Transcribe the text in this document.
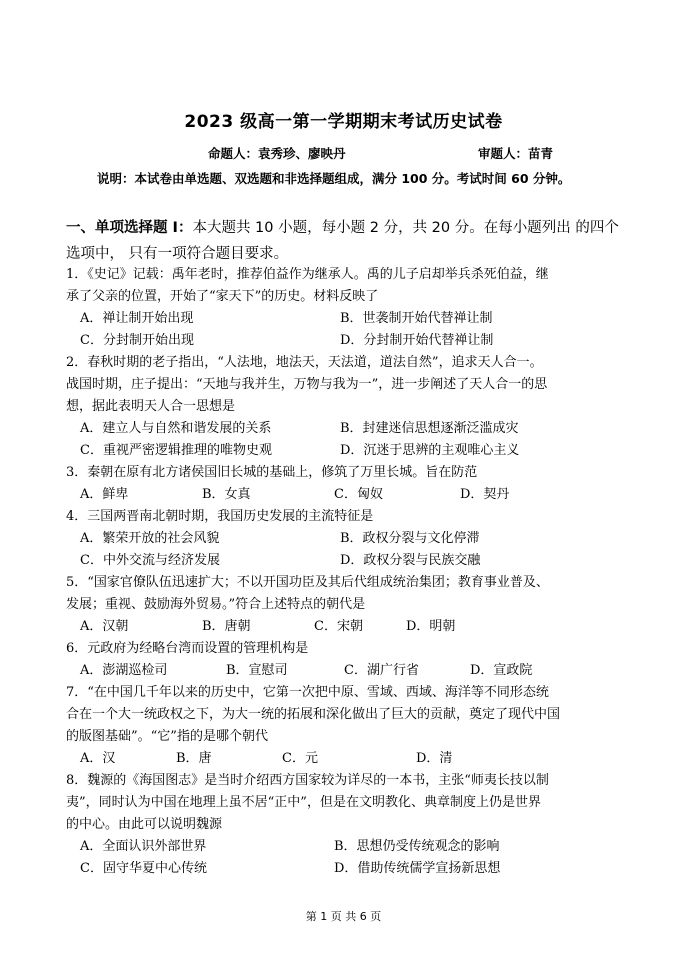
2023 级高一第一学期期末考试历史试卷
命题人：袁秀珍、廖映丹	审题人：苗青
说明：本试卷由单选题、双选题和非选择题组成，满分 100 分。考试时间 60 分钟。
一、单项选择题 I：本大题共 10 小题，每小题 2 分，共 20 分。在每小题列出 的四个
选项中， 只有一项符合题目要求。
1．《史记》记载：禹年老时，推荐伯益作为继承人。禹的儿子启却举兵杀死伯益，继
承了父亲的位置，开始了“家天下”的历史。材料反映了
A．禅让制开始出现	B．世袭制开始代替禅让制
C．分封制开始出现	D．分封制开始代替禅让制
2．春秋时期的老子指出，“人法地，地法天，天法道，道法自然”，追求天人合一。
战国时期，庄子提出：“天地与我并生，万物与我为一”，进一步阐述了天人合一的思
想，据此表明天人合一思想是
A．建立人与自然和谐发展的关系	B．封建迷信思想逐渐泛滥成灾
C．重视严密逻辑推理的唯物史观	D．沉迷于思辨的主观唯心主义
3．秦朝在原有北方诸侯国旧长城的基础上，修筑了万里长城。旨在防范
A．鲜卑	B．女真	C．匈奴	D．契丹
4．三国两晋南北朝时期，我国历史发展的主流特征是
A．繁荣开放的社会风貌	B．政权分裂与文化停滞
C．中外交流与经济发展	D．政权分裂与民族交融
5．“国家官僚队伍迅速扩大；不以开国功臣及其后代组成统治集团；教育事业普及、
发展；重视、鼓励海外贸易。”符合上述特点的朝代是
A．汉朝	B．唐朝	C．宋朝	D．明朝
6．元政府为经略台湾而设置的管理机构是
A．澎湖巡检司	B．宣慰司	C．湖广行省	D．宣政院
7．“在中国几千年以来的历史中，它第一次把中原、雪域、西域、海洋等不同形态统
合在一个大一统政权之下，为大一统的拓展和深化做出了巨大的贡献，奠定了现代中国
的版图基础”。“它”指的是哪个朝代
A．汉	B．唐	C．元	D．清
8．魏源的《海国图志》是当时介绍西方国家较为详尽的一本书，主张“师夷长技以制
夷”，同时认为中国在地理上虽不居“正中”，但是在文明教化、典章制度上仍是世界
的中心。由此可以说明魏源
A．全面认识外部世界	B．思想仍受传统观念的影响
C．固守华夏中心传统	D．借助传统儒学宣扬新思想
第 1 页 共 6 页
